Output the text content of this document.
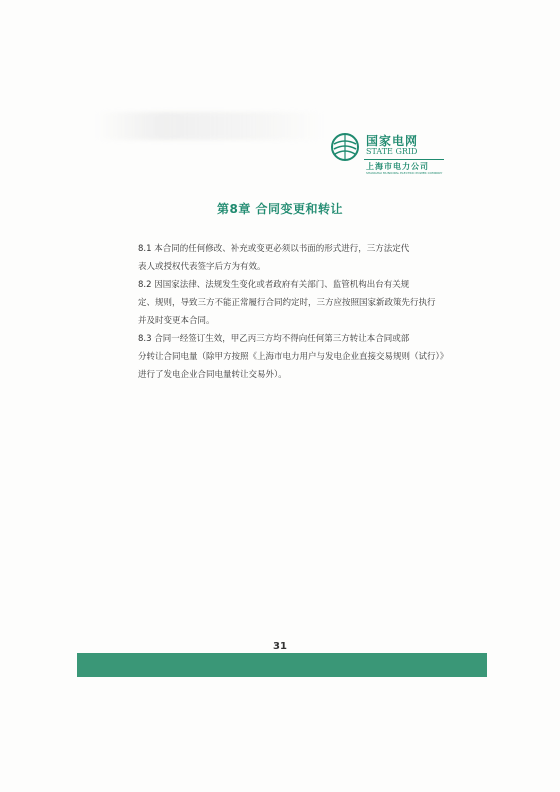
国家电网
STATE GRID
上海市电力公司
SHANGHAI MUNICIPAL ELECTRIC POWER COMPANY
第8章 合同变更和转让

8.1 本合同的任何修改、补充或变更必须以书面的形式进行，三方法定代
表人或授权代表签字后方为有效。

8.2 因国家法律、法规发生变化或者政府有关部门、监管机构出台有关规
定、规则，导致三方不能正常履行合同约定时，三方应按照国家新政策先行执行
并及时变更本合同。

8.3 合同一经签订生效，甲乙丙三方均不得向任何第三方转让本合同或部
分转让合同电量（除甲方按照《上海市电力用户与发电企业直接交易规则（试行）》
进行了发电企业合同电量转让交易外）。

31
